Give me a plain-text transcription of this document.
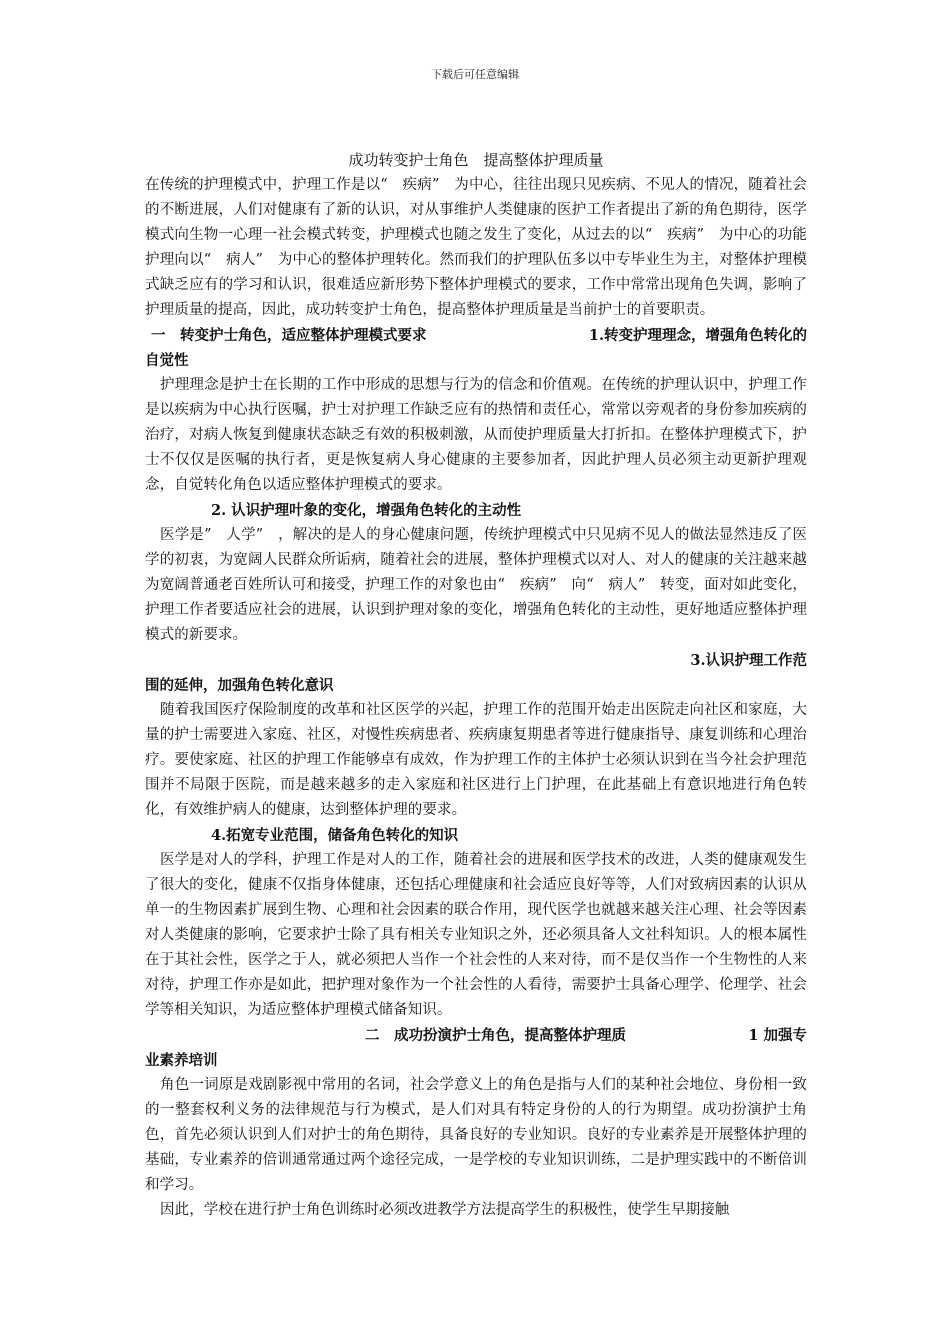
下载后可任意编辑

成功转变护士角色　提高整体护理质量

在传统的护理模式中，护理工作是以“　疾病”　为中心，往往出现只见疾病、不见人的情况，随着社会的不断进展，人们对健康有了新的认识，对从事维护人类健康的医护工作者提出了新的角色期待，医学模式向生物一心理一社会模式转变，护理模式也随之发生了变化，从过去的以“　疾病”　为中心的功能护理向以“　病人”　为中心的整体护理转化。然而我们的护理队伍多以中专毕业生为主，对整体护理模式缺乏应有的学习和认识，很难适应新形势下整体护理模式的要求，工作中常常出现角色失调，影响了护理质量的提高，因此，成功转变护士角色，提高整体护理质量是当前护士的首要职责。

一　转变护士角色，适应整体护理模式要求	1.转变护理理念，增强角色转化的

自觉性

护理理念是护士在长期的工作中形成的思想与行为的信念和价值观。在传统的护理认识中，护理工作是以疾病为中心执行医嘱，护士对护理工作缺乏应有的热情和责任心，常常以旁观者的身份参加疾病的治疗，对病人恢复到健康状态缺乏有效的积极刺激，从而使护理质量大打折扣。在整体护理模式下，护士不仅仅是医嘱的执行者，更是恢复病人身心健康的主要参加者，因此护理人员必须主动更新护理观念，自觉转化角色以适应整体护理模式的要求。

2. 认识护理叶象的变化，增强角色转化的主动性

医学是”　人学”　，解决的是人的身心健康问题，传统护理模式中只见病不见人的做法显然违反了医学的初衷，为宽阔人民群众所诟病，随着社会的进展，整体护理模式以对人、对人的健康的关注越来越为宽阔普通老百姓所认可和接受，护理工作的对象也由“　疾病”　向“　病人”　转变，面对如此变化，护理工作者要适应社会的进展，认识到护理对象的变化，增强角色转化的主动性，更好地适应整体护理模式的新要求。

3.认识护理工作范

围的延伸，加强角色转化意识

随着我国医疗保险制度的改革和社区医学的兴起，护理工作的范围开始走出医院走向社区和家庭，大量的护士需要进入家庭、社区，对慢性疾病患者、疾病康复期患者等进行健康指导、康复训练和心理治疗。要使家庭、社区的护理工作能够卓有成效，作为护理工作的主体护士必须认识到在当今社会护理范围并不局限于医院，而是越来越多的走入家庭和社区进行上门护理，在此基础上有意识地进行角色转化，有效维护病人的健康，达到整体护理的要求。

4.拓宽专业范围，储备角色转化的知识

医学是对人的学科，护理工作是对人的工作，随着社会的进展和医学技术的改进，人类的健康观发生了很大的变化，健康不仅指身体健康，还包括心理健康和社会适应良好等等，人们对致病因素的认识从单一的生物因素扩展到生物、心理和社会因素的联合作用，现代医学也就越来越关注心理、社会等因素对人类健康的影响，它要求护士除了具有相关专业知识之外，还必须具备人文社科知识。人的根本属性在于其社会性，医学之于人，就必须把人当作一个社会性的人来对待，而不是仅当作一个生物性的人来对待，护理工作亦是如此，把护理对象作为一个社会性的人看待，需要护士具备心理学、伦理学、社会学等相关知识，为适应整体护理模式储备知识。

二　成功扮演护士角色，提高整体护理质	1 加强专

业素养培训

角色一词原是戏剧影视中常用的名词，社会学意义上的角色是指与人们的某种社会地位、身份相一致的一整套权利义务的法律规范与行为模式，是人们对具有特定身份的人的行为期望。成功扮演护士角色，首先必须认识到人们对护士的角色期待，具备良好的专业知识。良好的专业素养是开展整体护理的基础，专业素养的倍训通常通过两个途径完成，一是学校的专业知识训练，二是护理实践中的不断倍训和学习。

因此，学校在进行护士角色训练时必须改进教学方法提高学生的积极性，使学生早期接触
